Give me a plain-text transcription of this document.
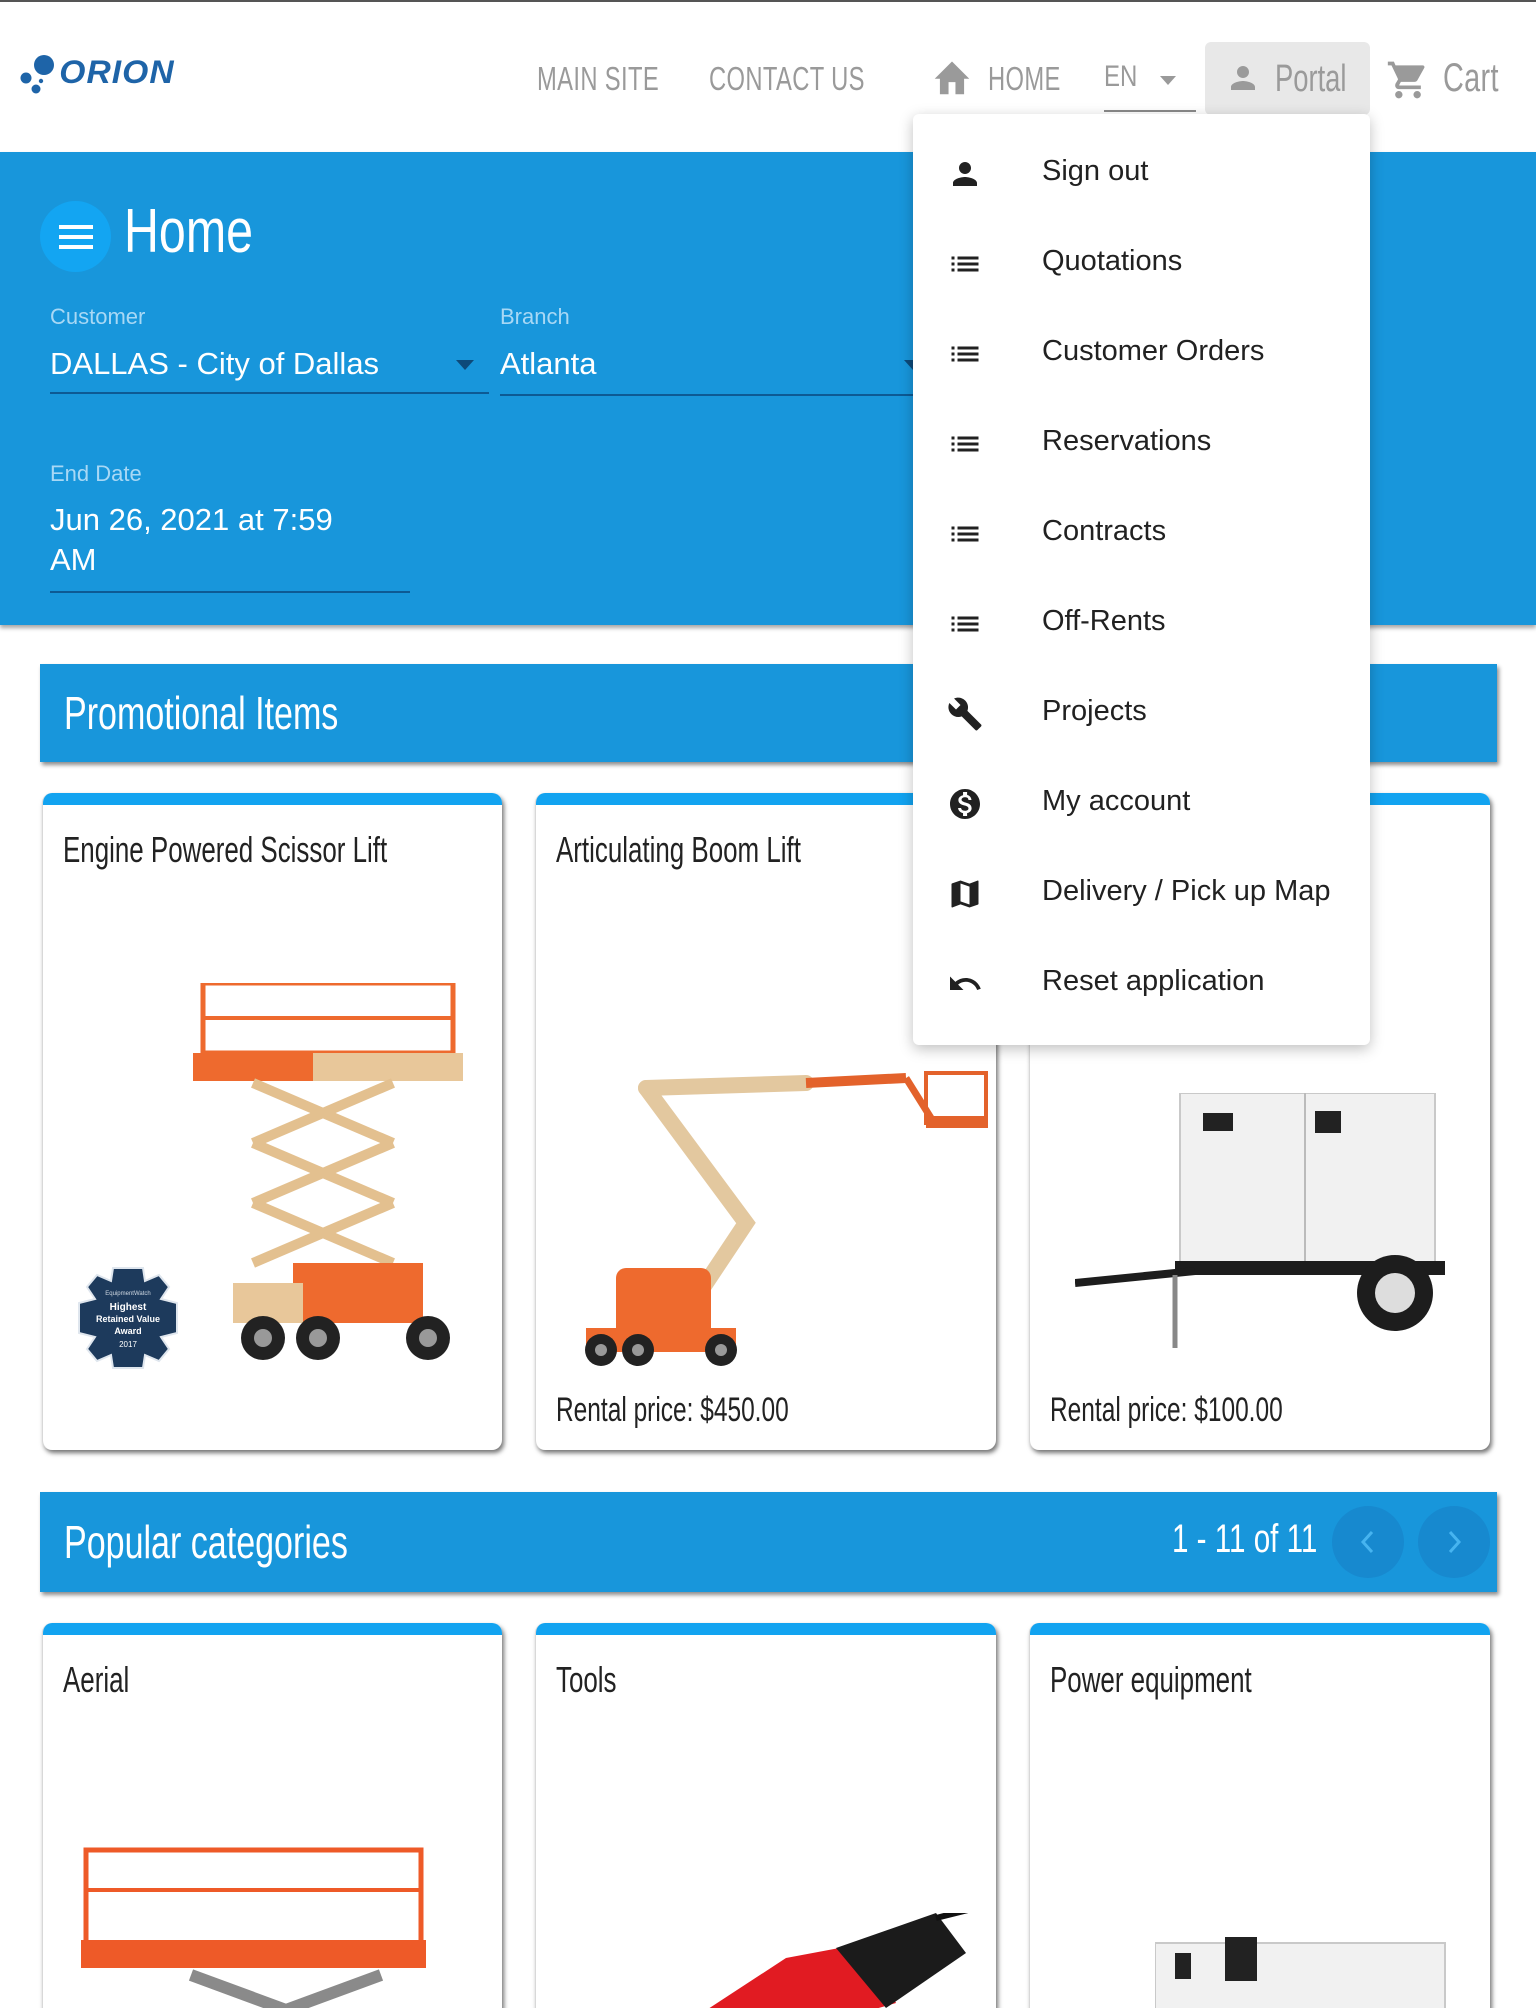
ORION	MAIN SITE CONTACT US	HOME EN	Portal Cart
Home
Customer
DALLAS - City of Dallas
Branch
Atlanta
End Date
Jun 26, 2021 at 7:59
AM
Promotional Items
Engine Powered Scissor Lift
EquipmentWatch
Highest
Retained Value
Award
2017
Articulating Boom Lift
Rental price: $450.00	Rental price: $100.00
Popular categories	1 - 11 of 11
Aerial	Tools	Power equipment
Sign out
Quotations
Customer Orders
Reservations
Contracts
Off-Rents
Projects
My account
Delivery / Pick up Map
Reset application
